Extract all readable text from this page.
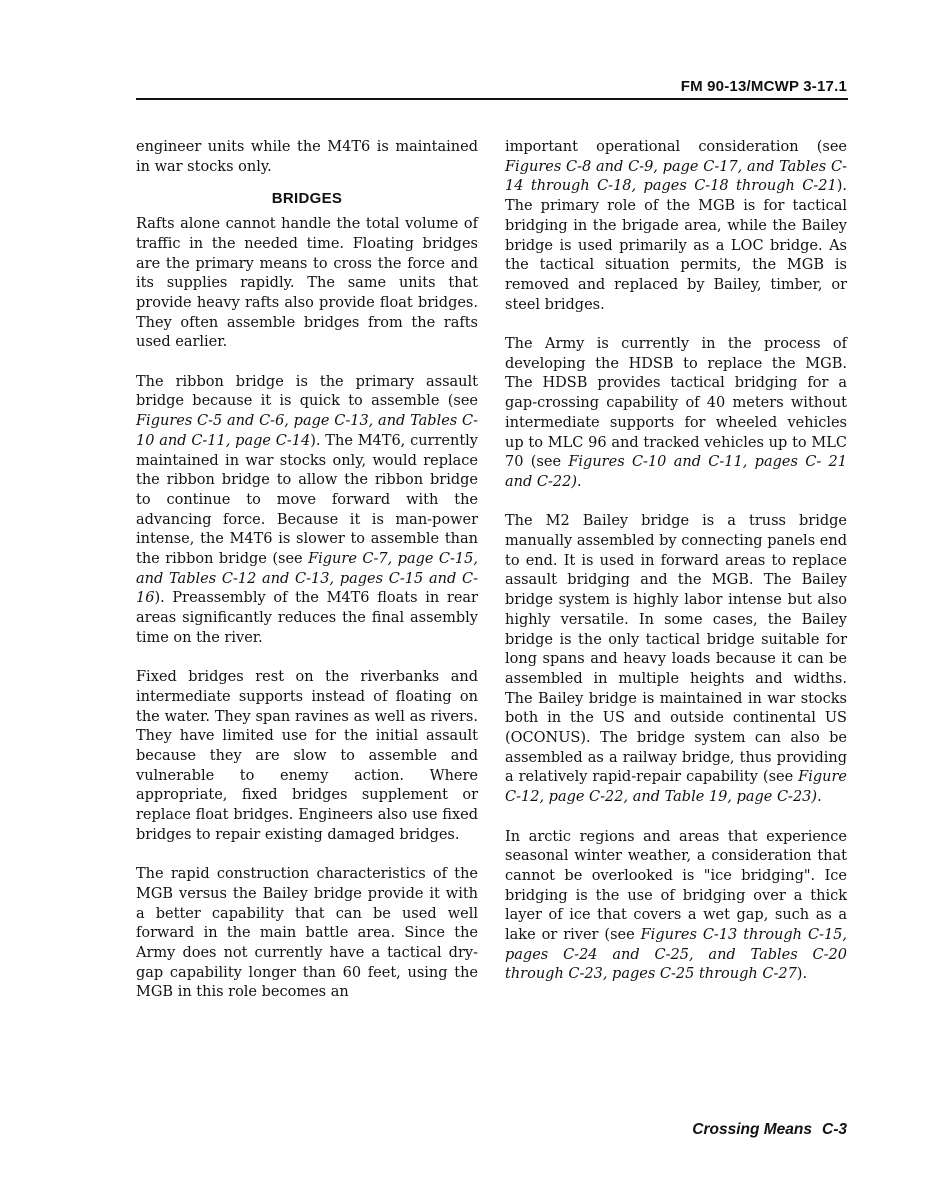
FM 90-13/MCWP 3-17.1

engineer units while the M4T6 is maintained in war stocks only.

BRIDGES

Rafts alone cannot handle the total volume of traffic in the needed time. Floating bridges are the primary means to cross the force and its supplies rapidly. The same units that provide heavy rafts also provide float bridges. They often assemble bridges from the rafts used earlier.

The ribbon bridge is the primary assault bridge because it is quick to assemble (see Figures C-5 and C-6, page C-13, and Tables C-10 and C-11, page C-14). The M4T6, currently maintained in war stocks only, would replace the ribbon bridge to allow the ribbon bridge to continue to move forward with the advancing force. Because it is man-power intense, the M4T6 is slower to assemble than the ribbon bridge (see Figure C-7, page C-15, and Tables C-12 and C-13, pages C-15 and C-16). Preassembly of the M4T6 floats in rear areas significantly reduces the final assembly time on the river.

Fixed bridges rest on the riverbanks and intermediate supports instead of floating on the water. They span ravines as well as rivers. They have limited use for the initial assault because they are slow to assemble and vulnerable to enemy action. Where appropriate, fixed bridges supplement or replace float bridges. Engineers also use fixed bridges to repair existing damaged bridges.

The rapid construction characteristics of the MGB versus the Bailey bridge provide it with a better capability that can be used well forward in the main battle area. Since the Army does not currently have a tactical dry-gap capability longer than 60 feet, using the MGB in this role becomes an

important operational consideration (see Figures C-8 and C-9, page C-17, and Tables C-14 through C-18, pages C-18 through C-21). The primary role of the MGB is for tactical bridging in the brigade area, while the Bailey bridge is used primarily as a LOC bridge. As the tactical situation permits, the MGB is removed and replaced by Bailey, timber, or steel bridges.

The Army is currently in the process of developing the HDSB to replace the MGB. The HDSB provides tactical bridging for a gap-crossing capability of 40 meters without intermediate supports for wheeled vehicles up to MLC 96 and tracked vehicles up to MLC 70 (see Figures C-10 and C-11, pages C- 21 and C-22).

The M2 Bailey bridge is a truss bridge manually assembled by connecting panels end to end. It is used in forward areas to replace assault bridging and the MGB. The Bailey bridge system is highly labor intense but also highly versatile. In some cases, the Bailey bridge is the only tactical bridge suitable for long spans and heavy loads because it can be assembled in multiple heights and widths. The Bailey bridge is maintained in war stocks both in the US and outside continental US (OCONUS). The bridge system can also be assembled as a railway bridge, thus providing a relatively rapid-repair capability (see Figure C-12, page C-22, and Table 19, page C-23).

In arctic regions and areas that experience seasonal winter weather, a consideration that cannot be overlooked is "ice bridging". Ice bridging is the use of bridging over a thick layer of ice that covers a wet gap, such as a lake or river (see Figures C-13 through C-15, pages C-24 and C-25, and Tables C-20 through C-23, pages C-25 through C-27).

Crossing Means C-3
